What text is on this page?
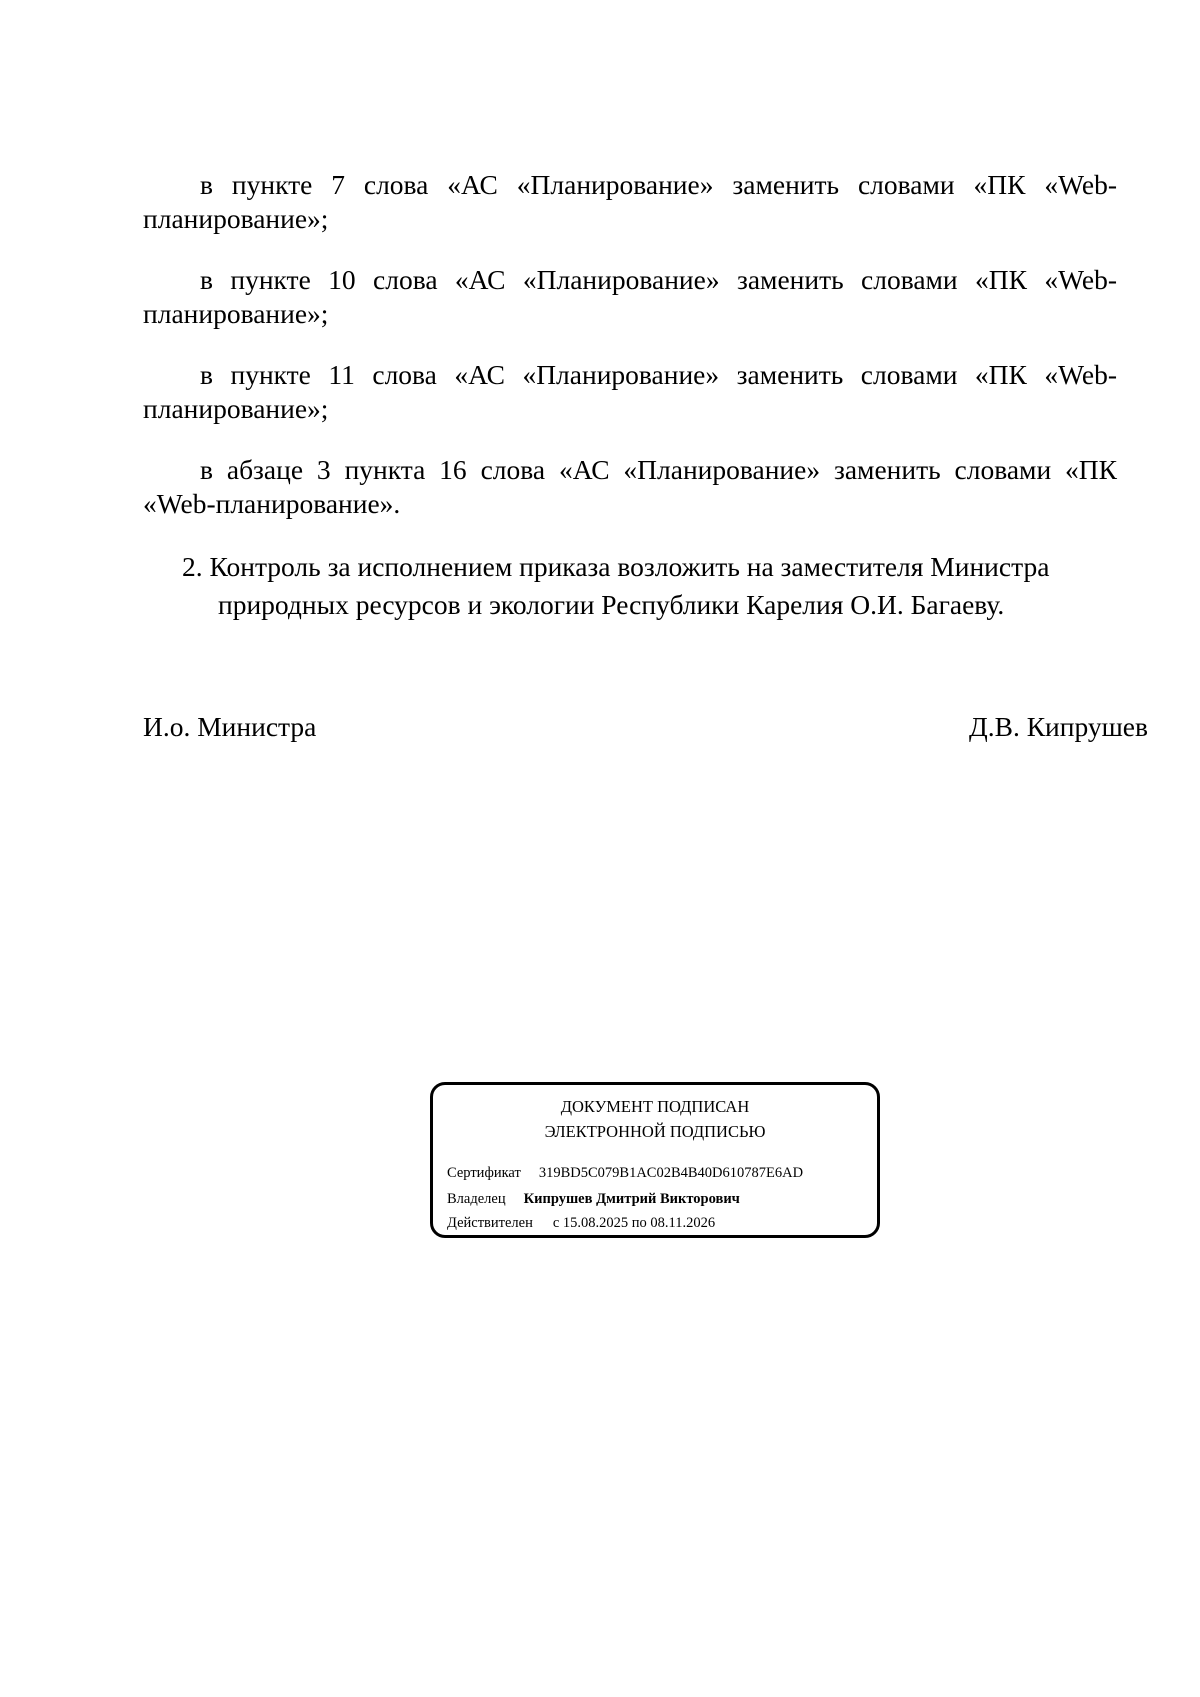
в пункте 7 слова «АС «Планирование» заменить словами «ПК «Web-планирование»;

в пункте 10 слова «АС «Планирование» заменить словами «ПК «Web-планирование»;

в пункте 11 слова «АС «Планирование» заменить словами «ПК «Web-планирование»;

в абзаце 3 пункта 16 слова «АС «Планирование» заменить словами «ПК «Web-планирование».

2. Контроль за исполнением приказа возложить на заместителя Министра
природных ресурсов и экологии Республики Карелия О.И. Багаеву.

И.о. Министра	Д.В. Кипрушев
ДОКУМЕНТ ПОДПИСАН
ЭЛЕКТРОННОЙ ПОДПИСЬЮ
Сертификат 319BD5C079B1AC02B4B40D610787E6AD
Владелец Кипрушев Дмитрий Викторович
Действителен с 15.08.2025 по 08.11.2026
